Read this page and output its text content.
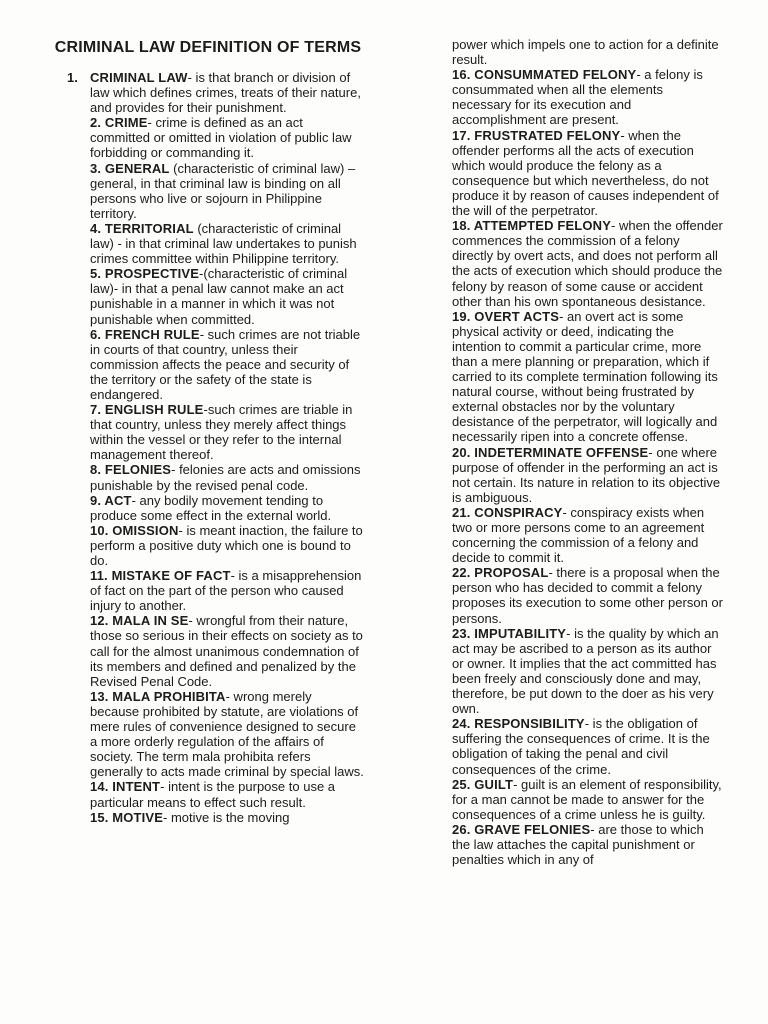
CRIMINAL LAW DEFINITION OF TERMS
1. CRIMINAL LAW- is that branch or division of law which defines crimes, treats of their nature, and provides for their punishment.
2. CRIME- crime is defined as an act committed or omitted in violation of public law forbidding or commanding it.
3. GENERAL (characteristic of criminal law) – general, in that criminal law is binding on all persons who live or sojourn in Philippine territory.
4. TERRITORIAL (characteristic of criminal law) - in that criminal law undertakes to punish crimes committee within Philippine territory.
5. PROSPECTIVE-(characteristic of criminal law)- in that a penal law cannot make an act punishable in a manner in which it was not punishable when committed.
6. FRENCH RULE- such crimes are not triable in courts of that country, unless their commission affects the peace and security of the territory or the safety of the state is endangered.
7. ENGLISH RULE-such crimes are triable in that country, unless they merely affect things within the vessel or they refer to the internal management thereof.
8. FELONIES- felonies are acts and omissions punishable by the revised penal code.
9. ACT- any bodily movement tending to produce some effect in the external world.
10. OMISSION- is meant inaction, the failure to perform a positive duty which one is bound to do.
11. MISTAKE OF FACT- is a misapprehension of fact on the part of the person who caused injury to another.
12. MALA IN SE- wrongful from their nature, those so serious in their effects on society as to call for the almost unanimous condemnation of its members and defined and penalized by the Revised Penal Code.
13. MALA PROHIBITA- wrong merely because prohibited by statute, are violations of mere rules of convenience designed to secure a more orderly regulation of the affairs of society. The term mala prohibita refers generally to acts made criminal by special laws.
14. INTENT- intent is the purpose to use a particular means to effect such result.
15. MOTIVE- motive is the moving
power which impels one to action for a definite result.
16. CONSUMMATED FELONY- a felony is consummated when all the elements necessary for its execution and accomplishment are present.
17. FRUSTRATED FELONY- when the offender performs all the acts of execution which would produce the felony as a consequence but which nevertheless, do not produce it by reason of causes independent of the will of the perpetrator.
18. ATTEMPTED FELONY- when the offender commences the commission of a felony directly by overt acts, and does not perform all the acts of execution which should produce the felony by reason of some cause or accident other than his own spontaneous desistance.
19. OVERT ACTS- an overt act is some physical activity or deed, indicating the intention to commit a particular crime, more than a mere planning or preparation, which if carried to its complete termination following its natural course, without being frustrated by external obstacles nor by the voluntary desistance of the perpetrator, will logically and necessarily ripen into a concrete offense.
20. INDETERMINATE OFFENSE- one where purpose of offender in the performing an act is not certain. Its nature in relation to its objective is ambiguous.
21. CONSPIRACY- conspiracy exists when two or more persons come to an agreement concerning the commission of a felony and decide to commit it.
22. PROPOSAL- there is a proposal when the person who has decided to commit a felony proposes its execution to some other person or persons.
23. IMPUTABILITY- is the quality by which an act may be ascribed to a person as its author or owner. It implies that the act committed has been freely and consciously done and may, therefore, be put down to the doer as his very own.
24. RESPONSIBILITY- is the obligation of suffering the consequences of crime. It is the obligation of taking the penal and civil consequences of the crime.
25. GUILT- guilt is an element of responsibility, for a man cannot be made to answer for the consequences of a crime unless he is guilty.
26. GRAVE FELONIES- are those to which the law attaches the capital punishment or penalties which in any of
